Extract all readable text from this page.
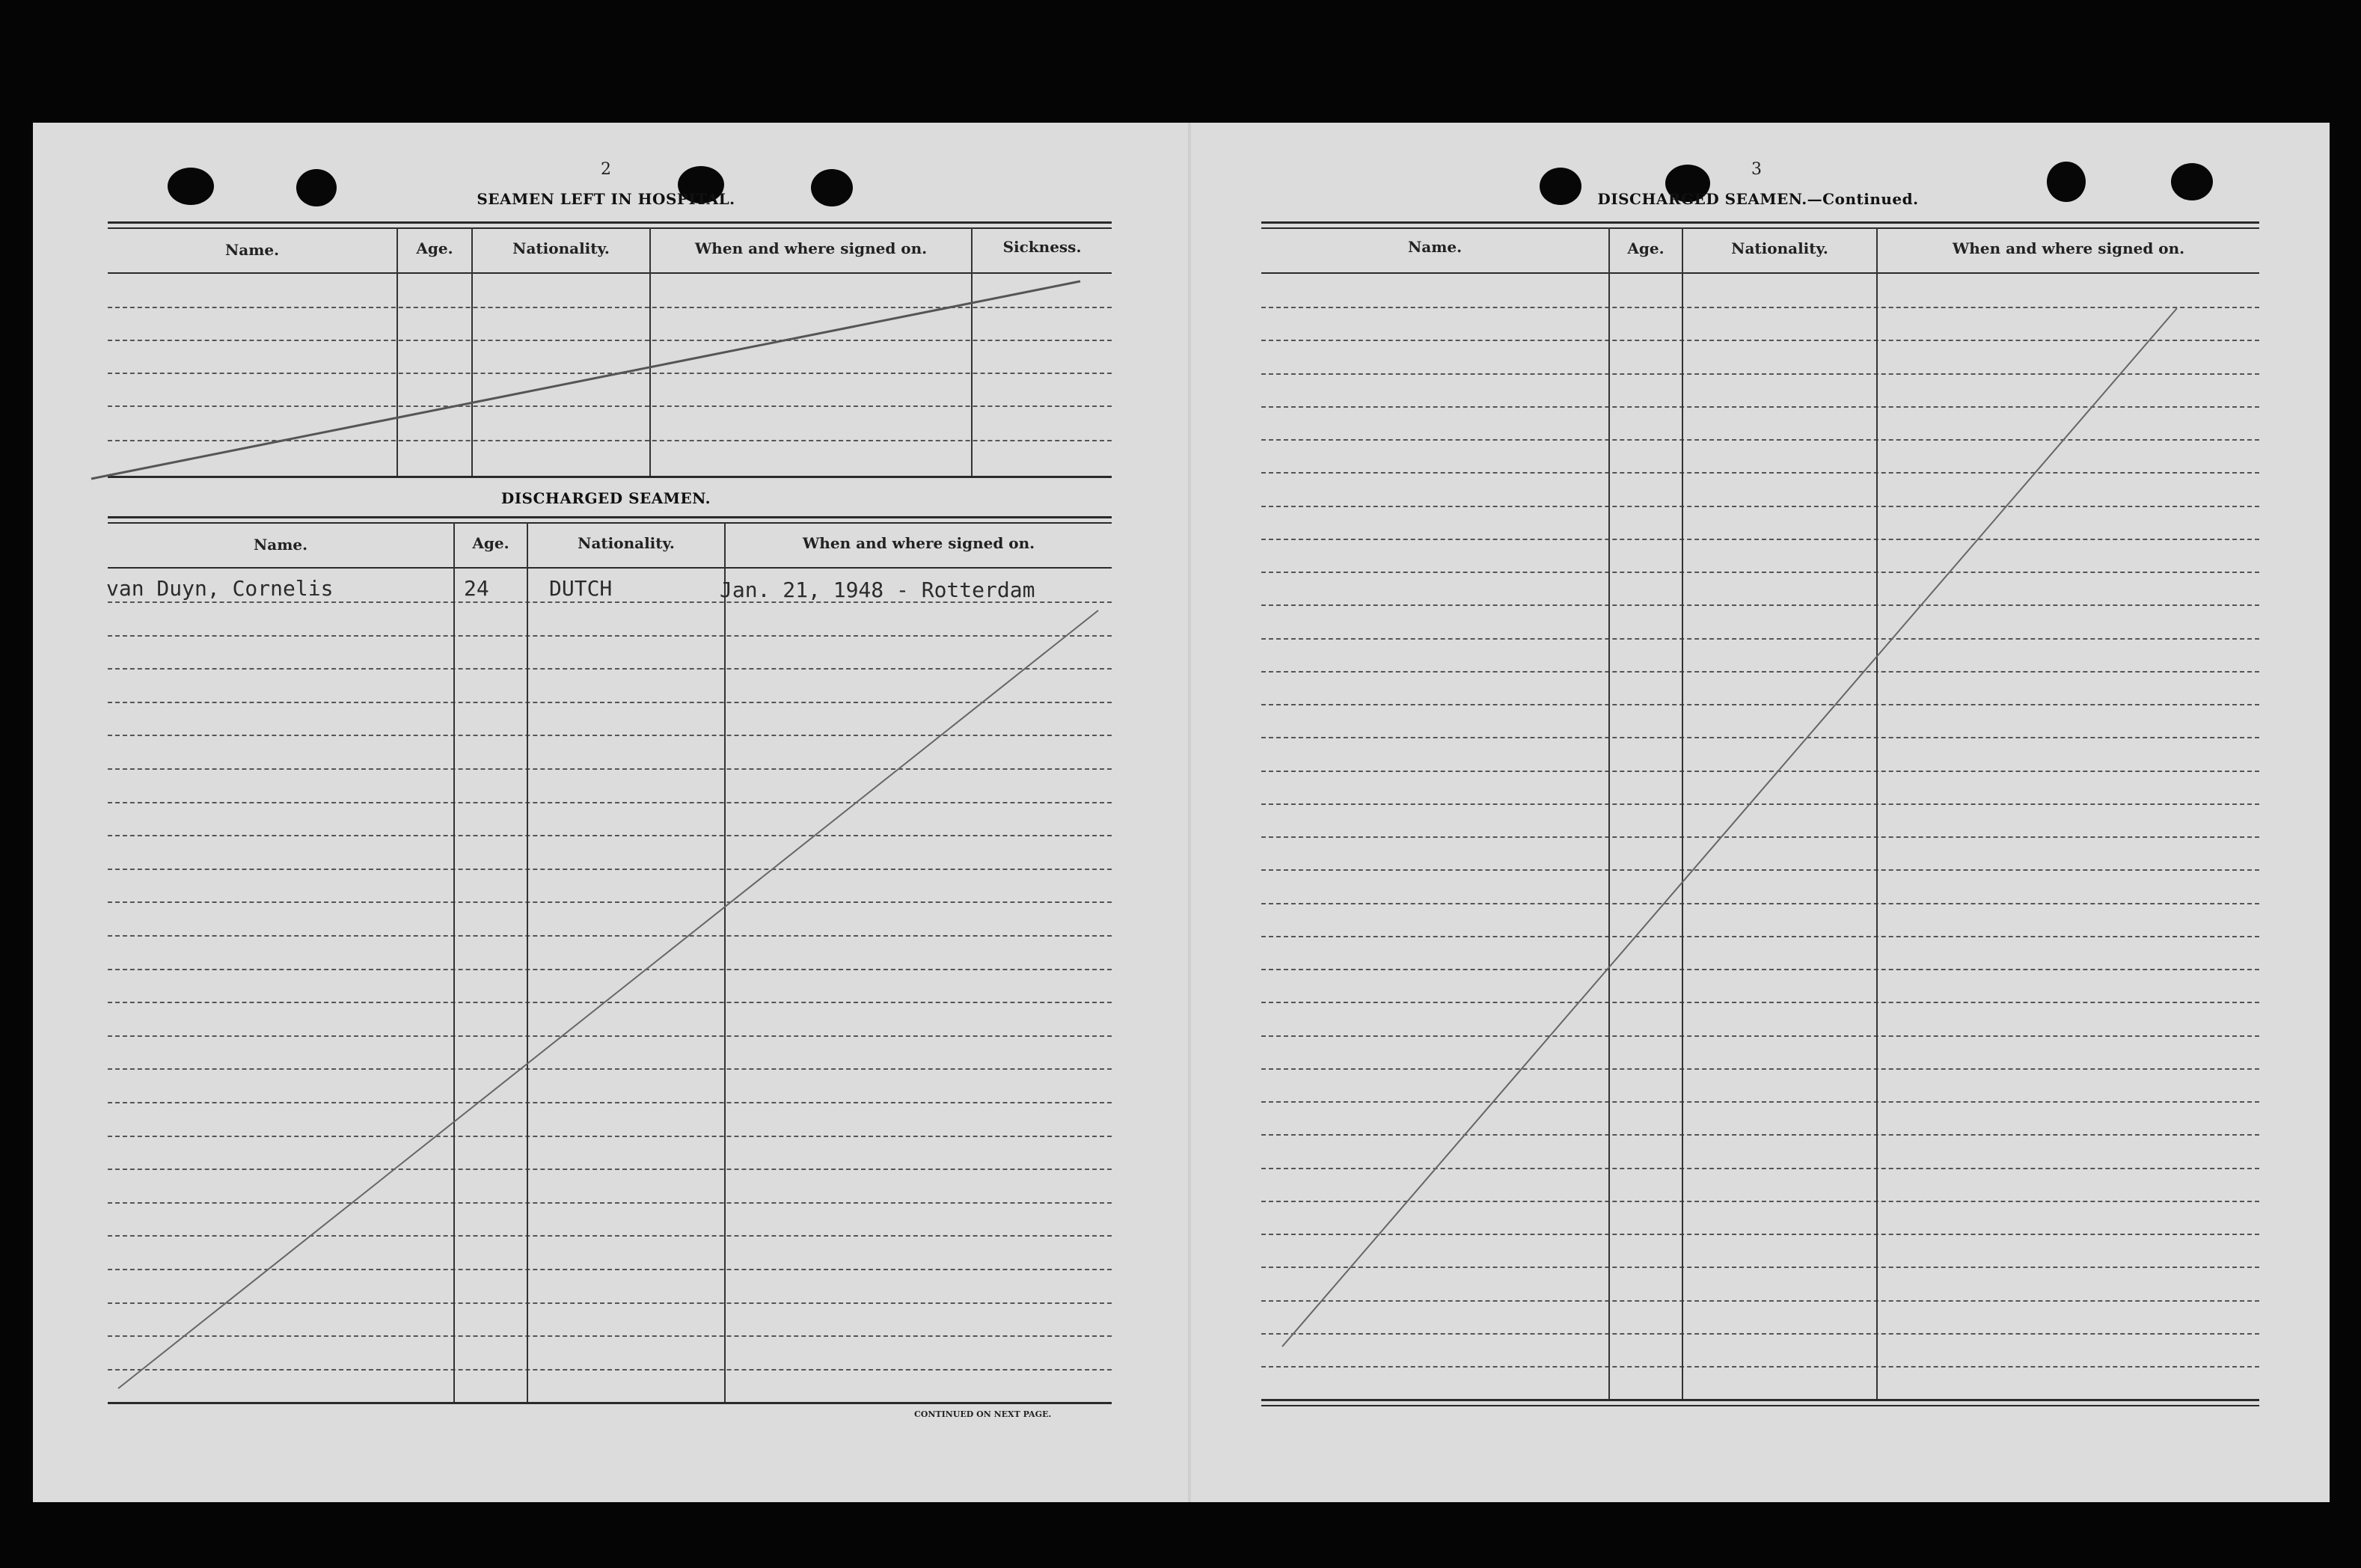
2
SEAMEN LEFT IN HOSPITAL.
Name.	Age.	Nationality.	When and where signed on.	Sickness.
DISCHARGED SEAMEN.
Name.	Age.	Nationality.	When and where signed on.
van Duyn, Cornelis	24	DUTCH	Jan. 21, 1948 - Rotterdam
CONTINUED ON NEXT PAGE.
3
DISCHARGED SEAMEN.—Continued.
Name.	Age.	Nationality.	When and where signed on.
